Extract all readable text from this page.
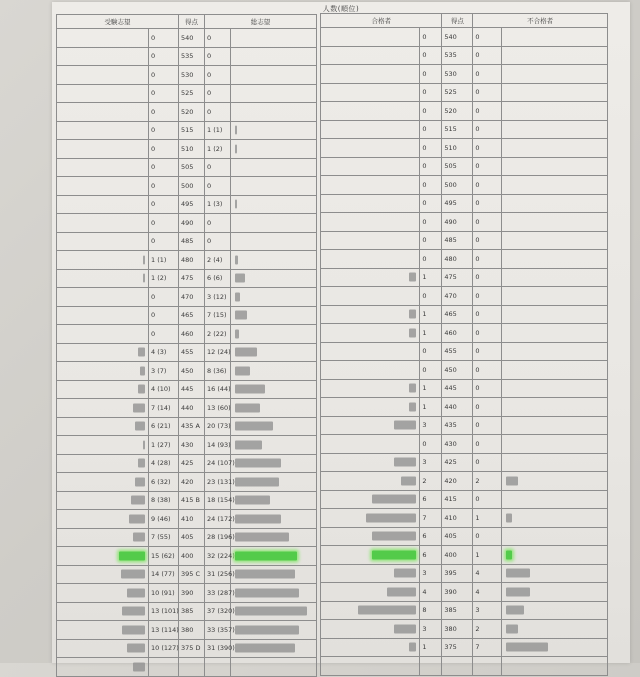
人数(順位)
受験志望		得点	総志望	
	0	540	0	
	0	535	0	
	0	530	0	
	0	525	0	
	0	520	0	
	0	515	1 (1)	

	0	510	1 (2)	

	0	505	0	
	0	500	0	
	0	495	1 (3)	

	0	490	0	
	0	485	0	

	1 (1)	480	2 (4)	

	1 (2)	475	6 (6)	

	0	470	3 (12)	

	0	465	7 (15)	

	0	460	2 (22)	

	4 (3)	455	12 (24)	

	3 (7)	450	8 (36)	

	4 (10)	445	16 (44)	

	7 (14)	440	13 (60)	

	6 (21)	435 A	20 (73)	

	1 (27)	430	14 (93)	

	4 (28)	425	24 (107)	

	6 (32)	420	23 (131)	

	8 (38)	415 B	18 (154)	

	9 (46)	410	24 (172)	

	7 (55)	405	28 (196)	

	15 (62)	400	32 (224)	

	14 (77)	395 C	31 (256)	

	10 (91)	390	33 (287)	

	13 (101)	385	37 (320)	

	13 (114)	380	33 (357)	

	10 (127)	375 D	31 (390)	

合格者		得点	不合格者	
	0	540	0	
	0	535	0	
	0	530	0	
	0	525	0	
	0	520	0	
	0	515	0	
	0	510	0	
	0	505	0	
	0	500	0	
	0	495	0	
	0	490	0	
	0	485	0	
	0	480	0	

	1	475	0	
	0	470	0	

	1	465	0	

	1	460	0	
	0	455	0	
	0	450	0	

	1	445	0	

	1	440	0	

	3	435	0	
	0	430	0	

	3	425	0	

	2	420	2	

	6	415	0	

	7	410	1	

	6	405	0	

	6	400	1	

	3	395	4	

	4	390	4	

	8	385	3	

	3	380	2	

	1	375	7	
